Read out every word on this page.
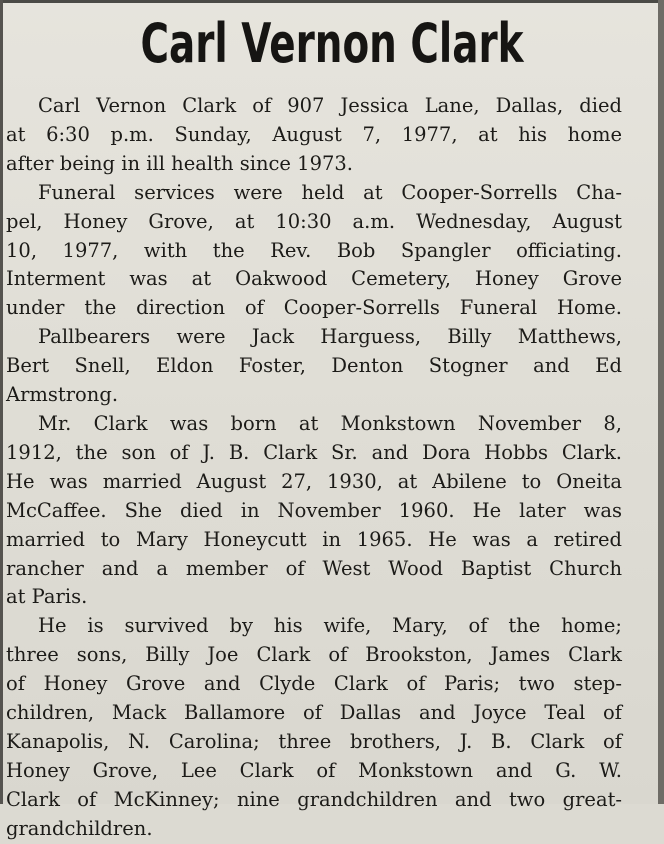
Carl Vernon Clark
Carl Vernon Clark of 907 Jessica Lane, Dallas, died
at 6:30 p.m. Sunday, August 7, 1977, at his home
after being in ill health since 1973.
Funeral services were held at Cooper-Sorrells Cha-
pel, Honey Grove, at 10:30 a.m. Wednesday, August
10, 1977, with the Rev. Bob Spangler officiating.
Interment was at Oakwood Cemetery, Honey Grove
under the direction of Cooper-Sorrells Funeral Home.
Pallbearers were Jack Harguess, Billy Matthews,
Bert Snell, Eldon Foster, Denton Stogner and Ed
Armstrong.
Mr. Clark was born at Monkstown November 8,
1912, the son of J. B. Clark Sr. and Dora Hobbs Clark.
He was married August 27, 1930, at Abilene to Oneita
McCaffee. She died in November 1960. He later was
married to Mary Honeycutt in 1965. He was a retired
rancher and a member of West Wood Baptist Church
at Paris.
He is survived by his wife, Mary, of the home;
three sons, Billy Joe Clark of Brookston, James Clark
of Honey Grove and Clyde Clark of Paris; two step-
children, Mack Ballamore of Dallas and Joyce Teal of
Kanapolis, N. Carolina; three brothers, J. B. Clark of
Honey Grove, Lee Clark of Monkstown and G. W.
Clark of McKinney; nine grandchildren and two great-
grandchildren.
